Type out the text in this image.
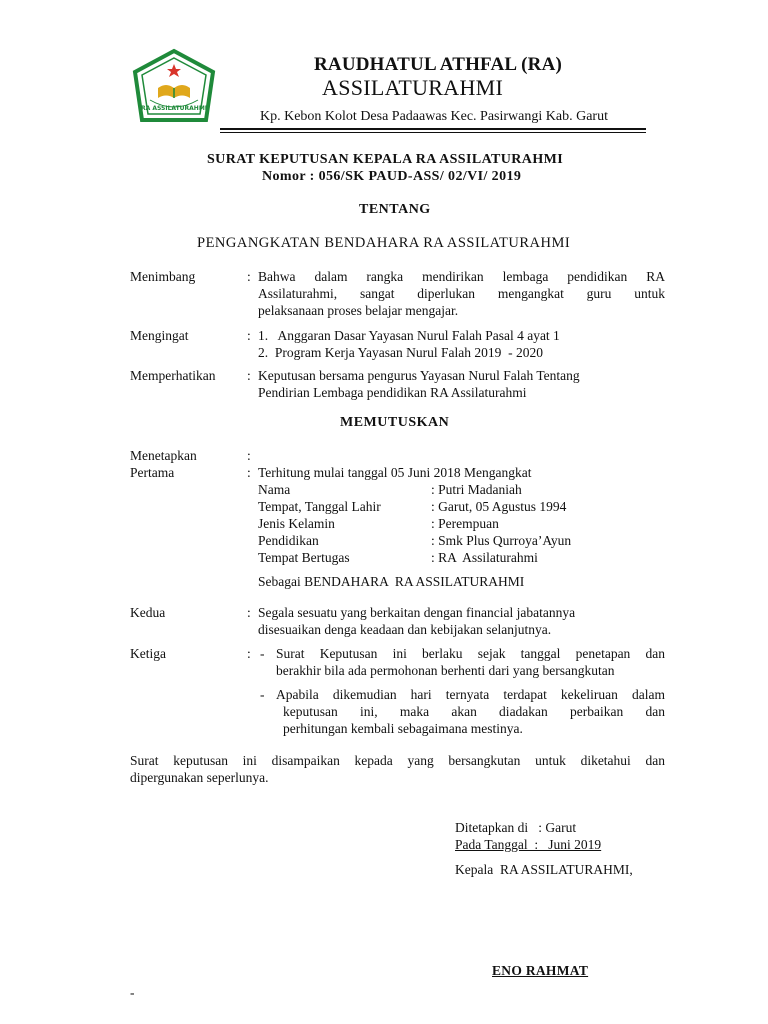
RA ASSILATURAHMI
RAUDHATUL ATHFAL (RA)
ASSILATURAHMI
Kp. Kebon Kolot Desa Padaawas Kec. Pasirwangi Kab. Garut
SURAT KEPUTUSAN KEPALA RA ASSILATURAHMI
Nomor : 056/SK PAUD-ASS/ 02/VI/ 2019
TENTANG
PENGANGKATAN BENDAHARA RA ASSILATURAHMI
Menimbang	: Bahwa dalam rangka mendirikan lembaga pendidikan RA
Assilaturahmi, sangat diperlukan mengangkat guru untuk
pelaksanaan proses belajar mengajar.
Mengingat	: 1.   Anggaran Dasar Yayasan Nurul Falah Pasal 4 ayat 1
2.  Program Kerja Yayasan Nurul Falah 2019  - 2020
Memperhatikan : Keputusan bersama pengurus Yayasan Nurul Falah Tentang
Pendirian Lembaga pendidikan RA Assilaturahmi
MEMUTUSKAN
Menetapkan	:
Pertama	: Terhitung mulai tanggal 05 Juni 2018 Mengangkat
Nama	: Putri Madaniah
Tempat, Tanggal Lahir	: Garut, 05 Agustus 1994
Jenis Kelamin	: Perempuan
Pendidikan	: Smk Plus Qurroya’Ayun
Tempat Bertugas	: RA  Assilaturahmi
Sebagai BENDAHARA  RA ASSILATURAHMI
Kedua	: Segala sesuatu yang berkaitan dengan financial jabatannya
disesuaikan denga keadaan dan kebijakan selanjutnya.
Ketiga	: - Surat Keputusan ini berlaku sejak tanggal penetapan dan
berakhir bila ada permohonan berhenti dari yang bersangkutan
- Apabila dikemudian hari ternyata terdapat kekeliruan dalam
keputusan ini, maka akan diadakan perbaikan dan
perhitungan kembali sebagaimana mestinya.
Surat keputusan ini disampaikan kepada yang bersangkutan untuk diketahui dan
dipergunakan seperlunya.
Ditetapkan di   : Garut
Pada Tanggal  :   Juni 2019
Kepala  RA ASSILATURAHMI,
ENO RAHMAT
-
